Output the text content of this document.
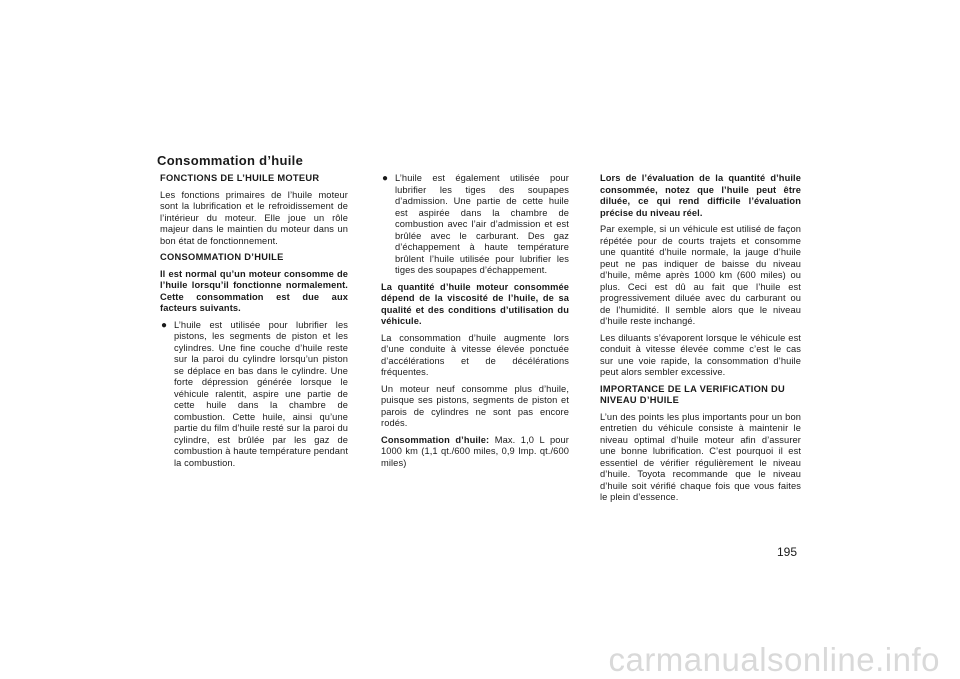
Consommation d’huile
FONCTIONS DE L’HUILE MOTEUR

Les fonctions primaires de l’huile moteur sont la lubrification et le refroidissement de l’intérieur du moteur. Elle joue un rôle majeur dans le maintien du moteur dans un bon état de fonctionnement.

CONSOMMATION D’HUILE

Il est normal qu’un moteur consomme de l’huile lorsqu’il fonctionne normalement. Cette consommation est due aux facteurs suivants.

● L’huile est utilisée pour lubrifier les pistons, les segments de piston et les cylindres. Une fine couche d’huile reste sur la paroi du cylindre lorsqu’un piston se déplace en bas dans le cylindre. Une forte dépression générée lorsque le véhicule ralentit, aspire une partie de cette huile dans la chambre de combustion. Cette huile, ainsi qu’une partie du film d’huile resté sur la paroi du cylindre, est brûlée par les gaz de combustion à haute température pendant la combustion.
● L’huile est également utilisée pour lubrifier les tiges des soupapes d’admission. Une partie de cette huile est aspirée dans la chambre de combustion avec l’air d’admission et est brûlée avec le carburant. Des gaz d’échappement à haute température brûlent l’huile utilisée pour lubrifier les tiges des soupapes d’échappement.

La quantité d’huile moteur consommée dépend de la viscosité de l’huile, de sa qualité et des conditions d’utilisation du véhicule.

La consommation d’huile augmente lors d’une conduite à vitesse élevée ponctuée d’accélérations et de décélérations fréquentes.

Un moteur neuf consomme plus d’huile, puisque ses pistons, segments de piston et parois de cylindres ne sont pas encore rodés.

Consommation d’huile: Max. 1,0 L pour 1000 km (1,1 qt./600 miles, 0,9 Imp. qt./600 miles)

Lors de l’évaluation de la quantité d’huile consommée, notez que l’huile peut être diluée, ce qui rend difficile l’évaluation précise du niveau réel.

Par exemple, si un véhicule est utilisé de façon répétée pour de courts trajets et consomme une quantité d’huile normale, la jauge d’huile peut ne pas indiquer de baisse du niveau d’huile, même après 1000 km (600 miles) ou plus. Ceci est dû au fait que l’huile est progressivement diluée avec du carburant ou de l’humidité. Il semble alors que le niveau d’huile reste inchangé.

Les diluants s’évaporent lorsque le véhicule est conduit à vitesse élevée comme c’est le cas sur une voie rapide, la consommation d’huile peut alors sembler excessive.

IMPORTANCE DE LA VERIFICATION DU NIVEAU D’HUILE

L’un des points les plus importants pour un bon entretien du véhicule consiste à maintenir le niveau optimal d’huile moteur afin d’assurer une bonne lubrification. C’est pourquoi il est essentiel de vérifier régulièrement le niveau d’huile. Toyota recommande que le niveau d’huile soit vérifié chaque fois que vous faites le plein d’essence.

195
carmanualsonline.info
